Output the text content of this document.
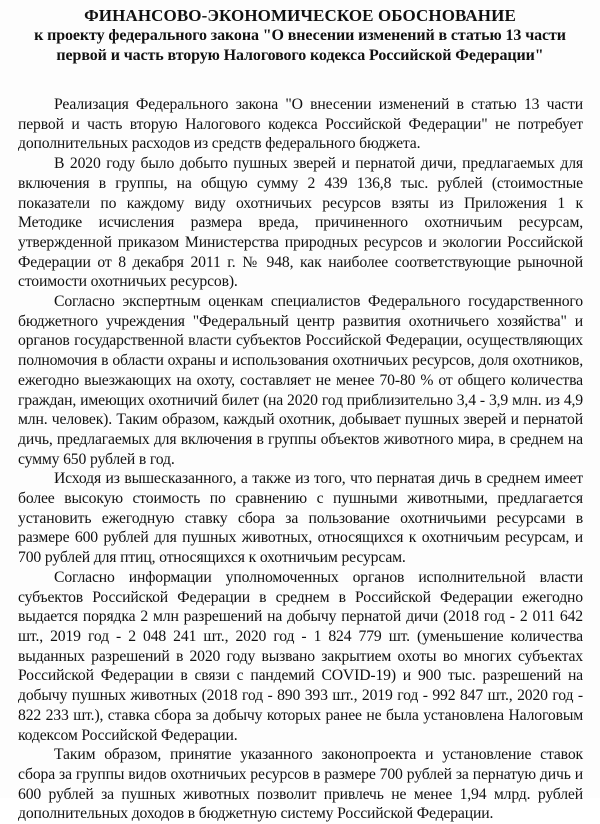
ФИНАНСОВО-ЭКОНОМИЧЕСКОЕ ОБОСНОВАНИЕ
к проекту федерального закона "О внесении изменений в статью 13 части первой и часть вторую Налогового кодекса Российской Федерации"

Реализация Федерального закона "О внесении изменений в статью 13 части первой и часть вторую Налогового кодекса Российской Федерации" не потребует дополнительных расходов из средств федерального бюджета.

В 2020 году было добыто пушных зверей и пернатой дичи, предлагаемых для включения в группы, на общую сумму 2 439 136,8 тыс. рублей (стоимостные показатели по каждому виду охотничьих ресурсов взяты из Приложения 1 к Методике исчисления размера вреда, причиненного охотничьим ресурсам, утвержденной приказом Министерства природных ресурсов и экологии Российской Федерации от 8 декабря 2011 г. № 948, как наиболее соответствующие рыночной стоимости охотничьих ресурсов).

Согласно экспертным оценкам специалистов Федерального государственного бюджетного учреждения "Федеральный центр развития охотничьего хозяйства" и органов государственной власти субъектов Российской Федерации, осуществляющих полномочия в области охраны и использования охотничьих ресурсов, доля охотников, ежегодно выезжающих на охоту, составляет не менее 70-80 % от общего количества граждан, имеющих охотничий билет (на 2020 год приблизительно 3,4 - 3,9 млн. из 4,9 млн. человек). Таким образом, каждый охотник, добывает пушных зверей и пернатой дичь, предлагаемых для включения в группы объектов животного мира, в среднем на сумму 650 рублей в год.

Исходя из вышесказанного, а также из того, что пернатая дичь в среднем имеет более высокую стоимость по сравнению с пушными животными, предлагается установить ежегодную ставку сбора за пользование охотничьими ресурсами в размере 600 рублей для пушных животных, относящихся к охотничьим ресурсам, и 700 рублей для птиц, относящихся к охотничьим ресурсам.

Согласно информации уполномоченных органов исполнительной власти субъектов Российской Федерации в среднем в Российской Федерации ежегодно выдается порядка 2 млн разрешений на добычу пернатой дичи (2018 год - 2 011 642 шт., 2019 год - 2 048 241 шт., 2020 год - 1 824 779 шт. (уменьшение количества выданных разрешений в 2020 году вызвано закрытием охоты во многих субъектах Российской Федерации в связи с пандемий COVID-19) и 900 тыс. разрешений на добычу пушных животных (2018 год - 890 393 шт., 2019 год - 992 847 шт., 2020 год - 822 233 шт.), ставка сбора за добычу которых ранее не была установлена Налоговым кодексом Российской Федерации.

Таким образом, принятие указанного законопроекта и установление ставок сбора за группы видов охотничьих ресурсов в размере 700 рублей за пернатую дичь и 600 рублей за пушных животных позволит привлечь не менее 1,94 млрд. рублей дополнительных доходов в бюджетную систему Российской Федерации.
